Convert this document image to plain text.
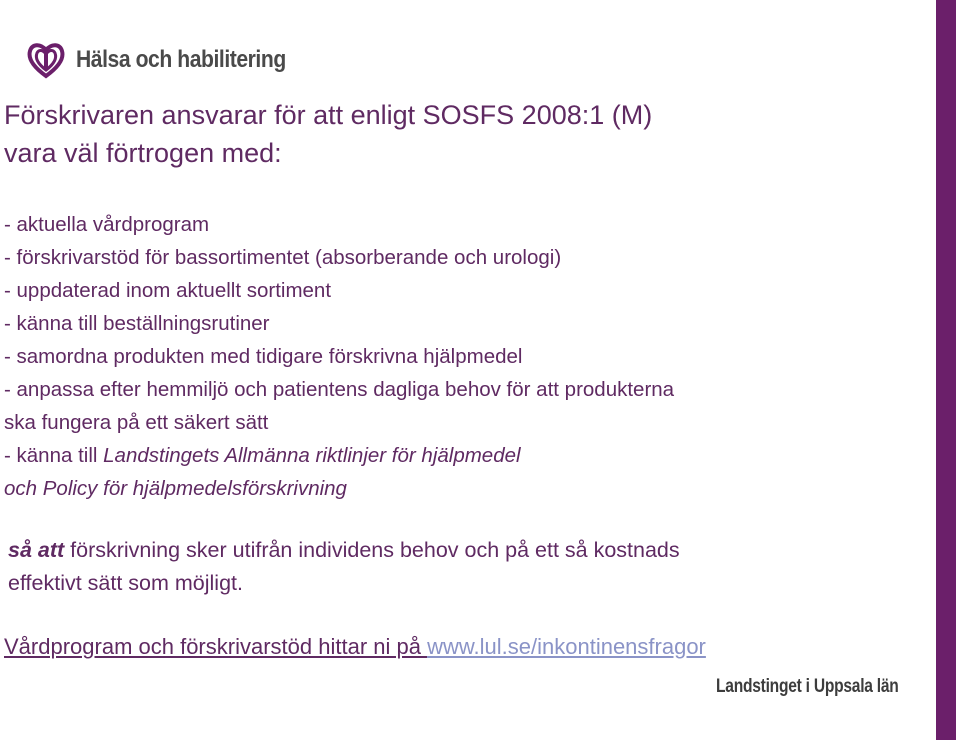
Hälsa och habilitering
Förskrivaren ansvarar för att enligt SOSFS 2008:1 (M)
vara väl förtrogen med:
- aktuella vårdprogram
- förskrivarstöd för bassortimentet (absorberande och urologi)
- uppdaterad inom aktuellt sortiment
- känna till beställningsrutiner
- samordna produkten med tidigare förskrivna hjälpmedel
- anpassa efter hemmiljö och patientens dagliga behov för att produkterna
ska fungera på ett säkert sätt
- känna till Landstingets Allmänna riktlinjer för hjälpmedel
och Policy för hjälpmedelsförskrivning

så att förskrivning sker utifrån individens behov och på ett så kostnads
effektivt sätt som möjligt.

Vårdprogram och förskrivarstöd hittar ni på www.lul.se/inkontinensfragor

Landstinget i Uppsala län
